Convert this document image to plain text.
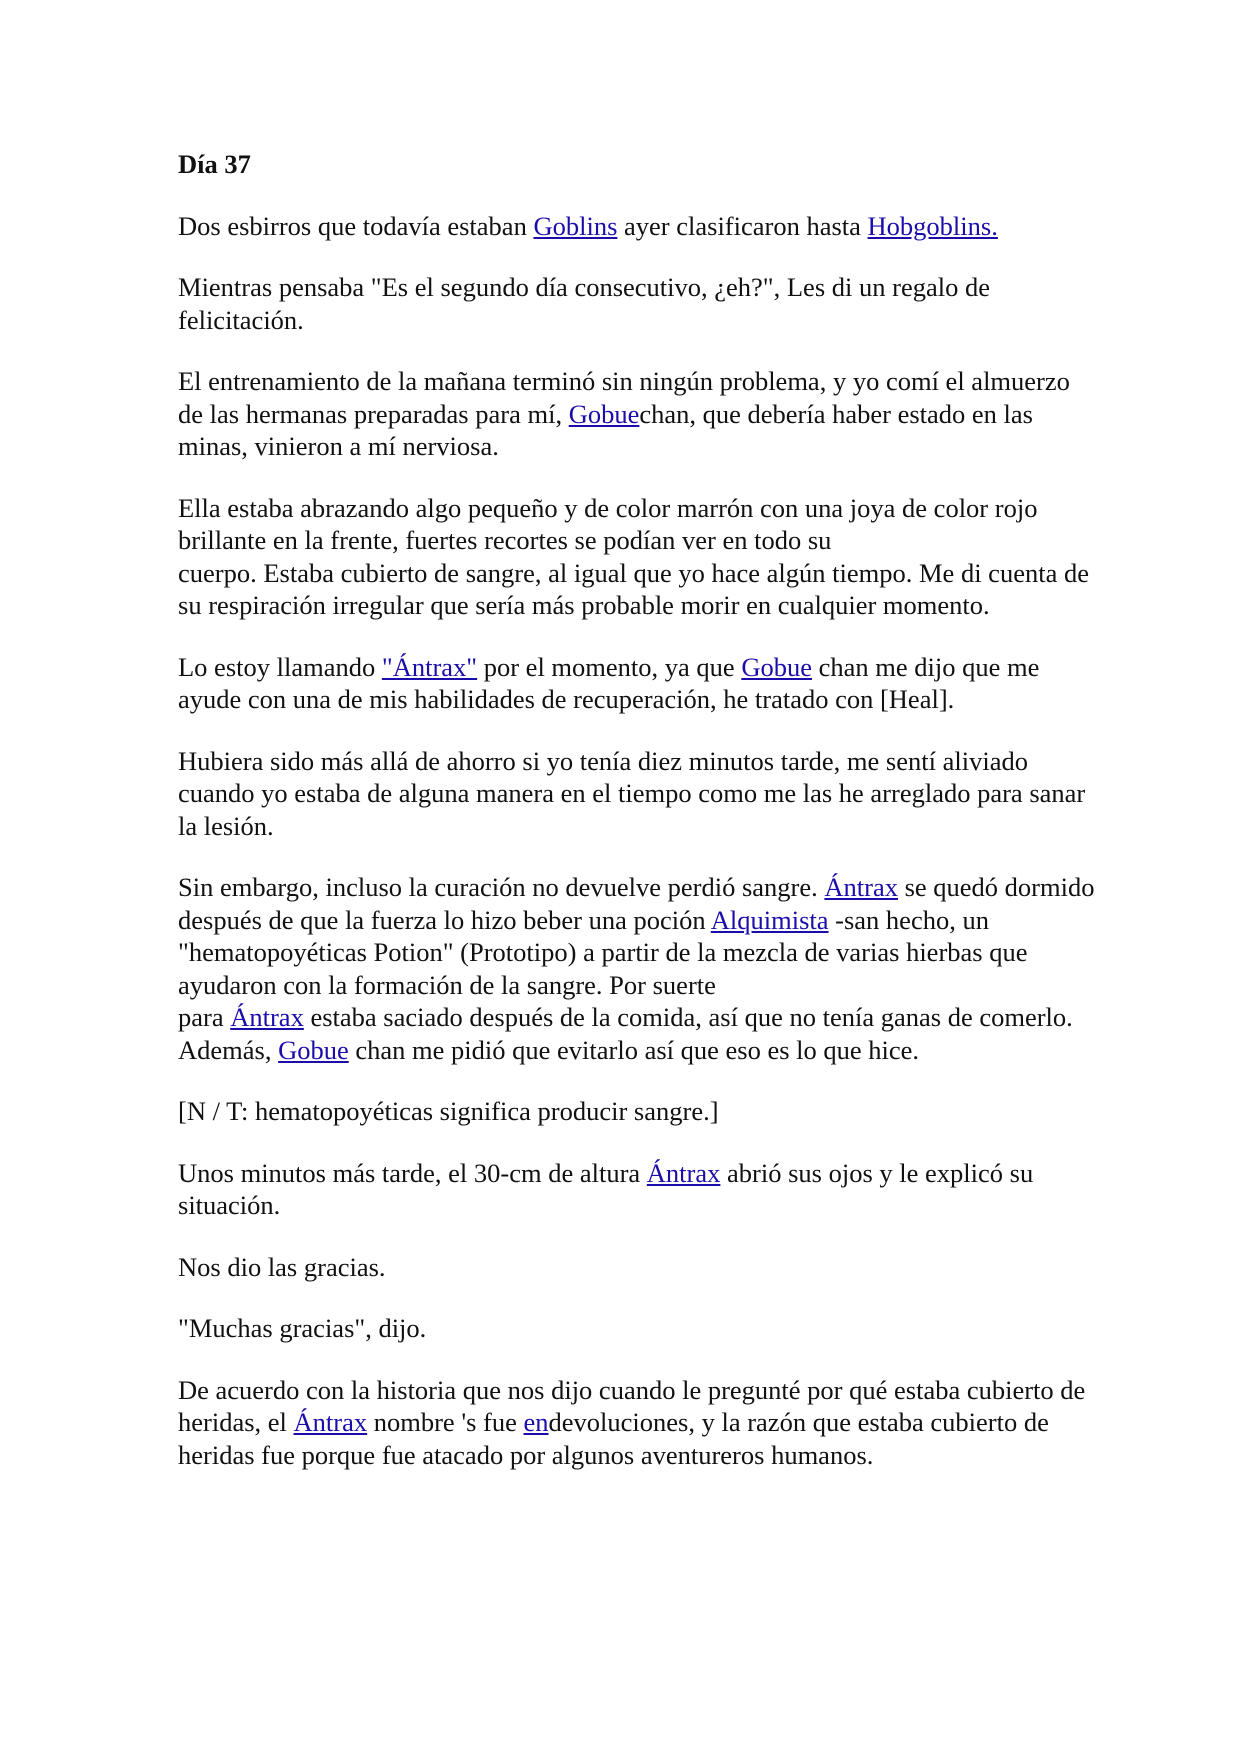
Día 37

Dos esbirros que todavía estaban Goblins ayer clasificaron hasta Hobgoblins.

Mientras pensaba "Es el segundo día consecutivo, ¿eh?", Les di un regalo de felicitación.

El entrenamiento de la mañana terminó sin ningún problema, y yo comí el almuerzo de las hermanas preparadas para mí, Gobuechan, que debería haber estado en las minas, vinieron a mí nerviosa.

Ella estaba abrazando algo pequeño y de color marrón con una joya de color rojo brillante en la frente, fuertes recortes se podían ver en todo su
cuerpo. Estaba cubierto de sangre, al igual que yo hace algún tiempo. Me di cuenta de su respiración irregular que sería más probable morir en cualquier momento.

Lo estoy llamando "Ántrax" por el momento, ya que Gobue chan me dijo que me ayude con una de mis habilidades de recuperación, he tratado con [Heal].

Hubiera sido más allá de ahorro si yo tenía diez minutos tarde, me sentí aliviado cuando yo estaba de alguna manera en el tiempo como me las he arreglado para sanar la lesión.

Sin embargo, incluso la curación no devuelve perdió sangre. Ántrax se quedó dormido después de que la fuerza lo hizo beber una poción Alquimista -san hecho, un "hematopoyéticas Potion" (Prototipo) a partir de la mezcla de varias hierbas que ayudaron con la formación de la sangre. Por suerte
para Ántrax estaba saciado después de la comida, así que no tenía ganas de comerlo. Además, Gobue chan me pidió que evitarlo así que eso es lo que hice.

[N / T: hematopoyéticas significa producir sangre.]

Unos minutos más tarde, el 30-cm de altura Ántrax abrió sus ojos y le explicó su situación.

Nos dio las gracias.

"Muchas gracias", dijo.

De acuerdo con la historia que nos dijo cuando le pregunté por qué estaba cubierto de heridas, el Ántrax nombre 's fue endevoluciones, y la razón que estaba cubierto de heridas fue porque fue atacado por algunos aventureros humanos.
